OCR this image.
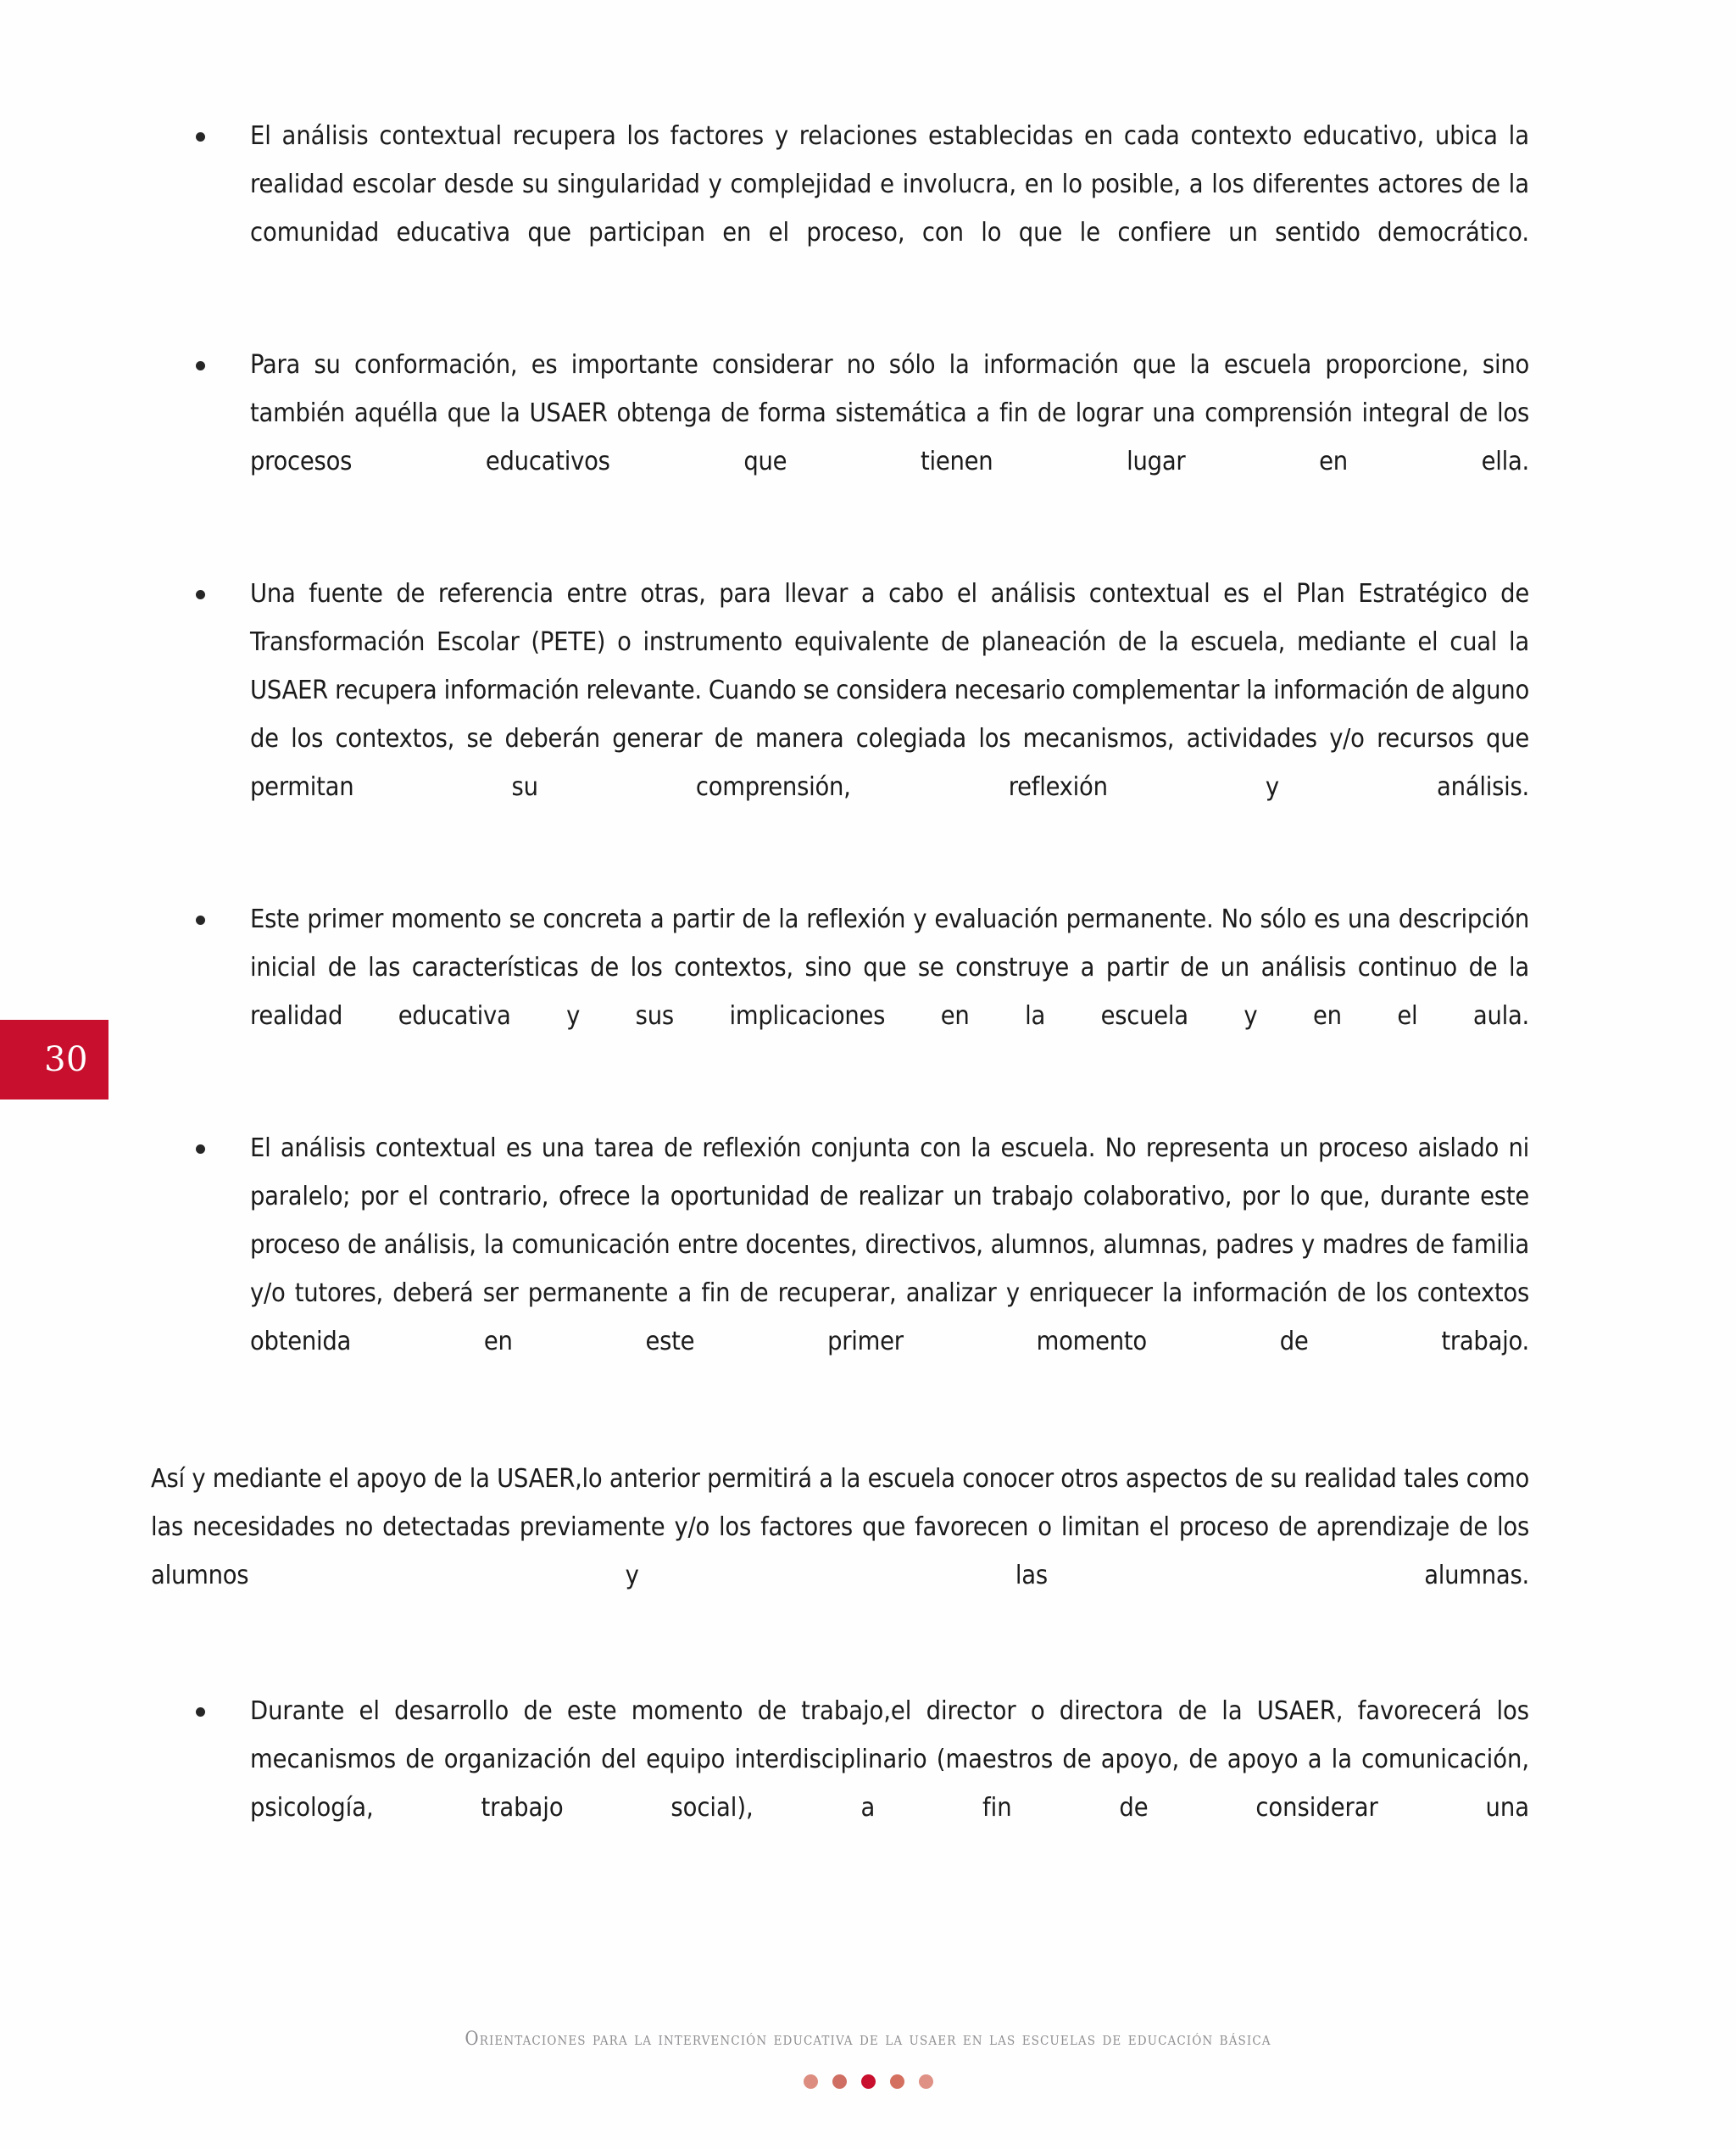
30
El análisis contextual recupera los factores y relaciones establecidas en cada contexto educativo, ubica la realidad escolar desde su singularidad y complejidad e involucra, en lo posible, a los diferentes actores de la comunidad educativa que participan en el proceso, con lo que le confiere un sentido democrático.
Para su conformación, es importante considerar no sólo la información que la escuela proporcione, sino también aquélla que la USAER obtenga de forma sistemática a fin de lograr una comprensión integral de los procesos educativos que tienen lugar en ella.
Una fuente de referencia entre otras, para llevar a cabo el análisis contextual es el Plan Estratégico de Transformación Escolar (PETE) o instrumento equivalente de planeación de la escuela, mediante el cual la USAER recupera información relevante. Cuando se considera necesario complementar la información de alguno de los contextos, se deberán generar de manera colegiada los mecanismos, actividades y/o recursos que permitan su comprensión, reflexión y análisis.
Este primer momento se concreta a partir de la reflexión y evaluación permanente. No sólo es una descripción inicial de las características de los contextos, sino que se construye a partir de un análisis continuo de la realidad educativa y sus implicaciones en la escuela y en el aula.
El análisis contextual es una tarea de reflexión conjunta con la escuela. No representa un proceso aislado ni paralelo; por el contrario, ofrece la oportunidad de realizar un trabajo colaborativo, por lo que, durante este proceso de análisis, la comunicación entre docentes, directivos, alumnos, alumnas, padres y madres de familia y/o tutores, deberá ser permanente a fin de recuperar, analizar y enriquecer la información de los contextos obtenida en este primer momento de trabajo.

Así y mediante el apoyo de la USAER,lo anterior permitirá a la escuela conocer otros aspectos de su realidad tales como las necesidades no detectadas previamente y/o los factores que favorecen o limitan el proceso de aprendizaje de los alumnos y las alumnas.

Durante el desarrollo de este momento de trabajo,el director o directora de la USAER, favorecerá los mecanismos de organización del equipo interdisciplinario (maestros de apoyo, de apoyo a la comunicación, psicología, trabajo social), a fin de considerar una
Orientaciones para la intervención educativa de la usaer en las escuelas de educación básica
